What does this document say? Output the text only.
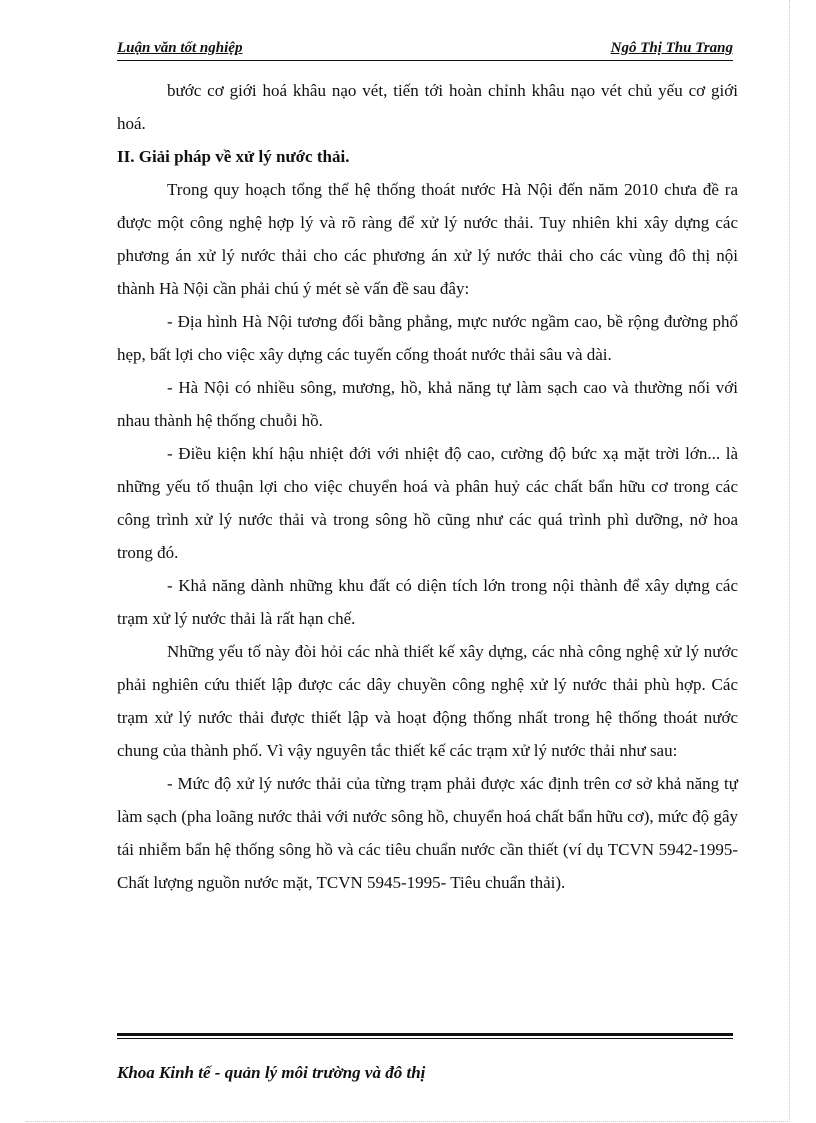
Luận văn tốt nghiệp	Ngô Thị Thu Trang

bước cơ giới hoá khâu nạo vét, tiến tới hoàn chỉnh khâu nạo vét chủ yếu cơ giới hoá.

II. Giải pháp về xử lý nước thải.

Trong quy hoạch tổng thể hệ thống thoát nước Hà Nội đến năm 2010 chưa đề ra được một công nghệ hợp lý và rõ ràng để xử lý nước thải. Tuy nhiên khi xây dựng các phương án xử lý nước thải cho các phương án xử lý nước thải cho các vùng đô thị nội thành Hà Nội cần phải chú ý mét sè vấn đề sau đây:

- Địa hình Hà Nội tương đối bằng phẳng, mực nước ngầm cao, bề rộng đường phố hẹp, bất lợi cho việc xây dựng các tuyến cống thoát nước thải sâu và dài.

- Hà Nội có nhiều sông, mương, hồ, khả năng tự làm sạch cao và thường nối với nhau thành hệ thống chuỗi hồ.

- Điều kiện khí hậu nhiệt đới với nhiệt độ cao, cường độ bức xạ mặt trời lớn... là những yếu tố thuận lợi cho việc chuyển hoá và phân huỷ các chất bẩn hữu cơ trong các công trình xử lý nước thải và trong sông hồ cũng như các quá trình phì dưỡng, nở hoa trong đó.

- Khả năng dành những khu đất có diện tích lớn trong nội thành để xây dựng các trạm xử lý nước thải là rất hạn chế.

Những yếu tố này đòi hỏi các nhà thiết kế xây dựng, các nhà công nghệ xử lý nước phải nghiên cứu thiết lập được các dây chuyền công nghệ xử lý nước thải phù hợp. Các trạm xử lý nước thải được thiết lập và hoạt động thống nhất trong hệ thống thoát nước chung của thành phố. Vì vậy nguyên tắc thiết kế các trạm xử lý nước thải như sau:

- Mức độ xử lý nước thải của từng trạm phải được xác định trên cơ sở khả năng tự làm sạch (pha loãng nước thải với nước sông hồ, chuyển hoá chất bẩn hữu cơ), mức độ gây tái nhiễm bẩn hệ thống sông hồ và các tiêu chuẩn nước cần thiết (ví dụ TCVN 5942-1995- Chất lượng nguồn nước mặt, TCVN 5945-1995- Tiêu chuẩn thải).

Khoa Kinh tế - quản lý môi trường và đô thị
